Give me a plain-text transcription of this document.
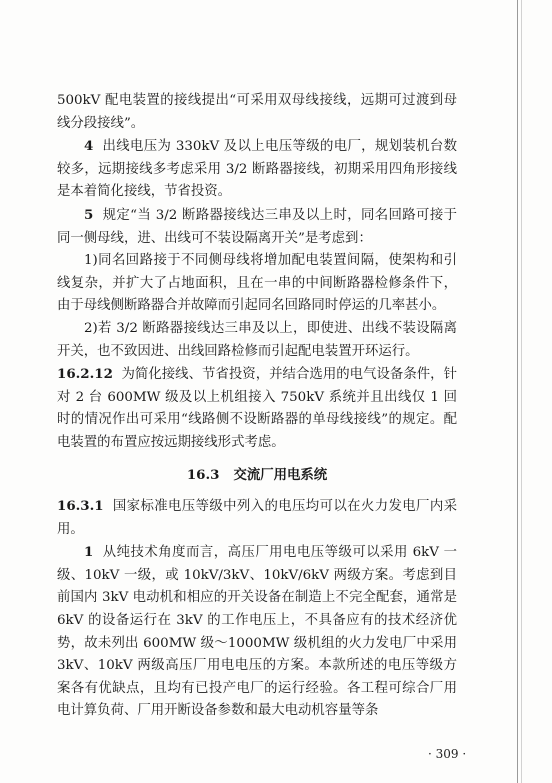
500kV 配电装置的接线提出“可采用双母线接线，远期可过渡到母线分段接线”。

4 出线电压为 330kV 及以上电压等级的电厂，规划装机台数较多，远期接线多考虑采用 3/2 断路器接线，初期采用四角形接线是本着简化接线，节省投资。

5 规定“当 3/2 断路器接线达三串及以上时，同名回路可接于同一侧母线，进、出线可不装设隔离开关”是考虑到：

1)同名回路接于不同侧母线将增加配电装置间隔，使架构和引线复杂，并扩大了占地面积，且在一串的中间断路器检修条件下，由于母线侧断路器合并故障而引起同名回路同时停运的几率甚小。

2)若 3/2 断路器接线达三串及以上，即使进、出线不装设隔离开关，也不致因进、出线回路检修而引起配电装置开环运行。

16.2.12 为简化接线、节省投资，并结合选用的电气设备条件，针对 2 台 600MW 级及以上机组接入 750kV 系统并且出线仅 1 回时的情况作出可采用“线路侧不设断路器的单母线接线”的规定。配电装置的布置应按远期接线形式考虑。

16.3 交流厂用电系统

16.3.1 国家标准电压等级中列入的电压均可以在火力发电厂内采用。

1 从纯技术角度而言，高压厂用电电压等级可以采用 6kV 一级、10kV 一级，或 10kV/3kV、10kV/6kV 两级方案。考虑到目前国内 3kV 电动机和相应的开关设备在制造上不完全配套，通常是 6kV 的设备运行在 3kV 的工作电压上，不具备应有的技术经济优势，故未列出 600MW 级～1000MW 级机组的火力发电厂中采用 3kV、10kV 两级高压厂用电电压的方案。本款所述的电压等级方案各有优缺点，且均有已投产电厂的运行经验。各工程可综合厂用电计算负荷、厂用开断设备参数和最大电动机容量等条

· 309 ·
